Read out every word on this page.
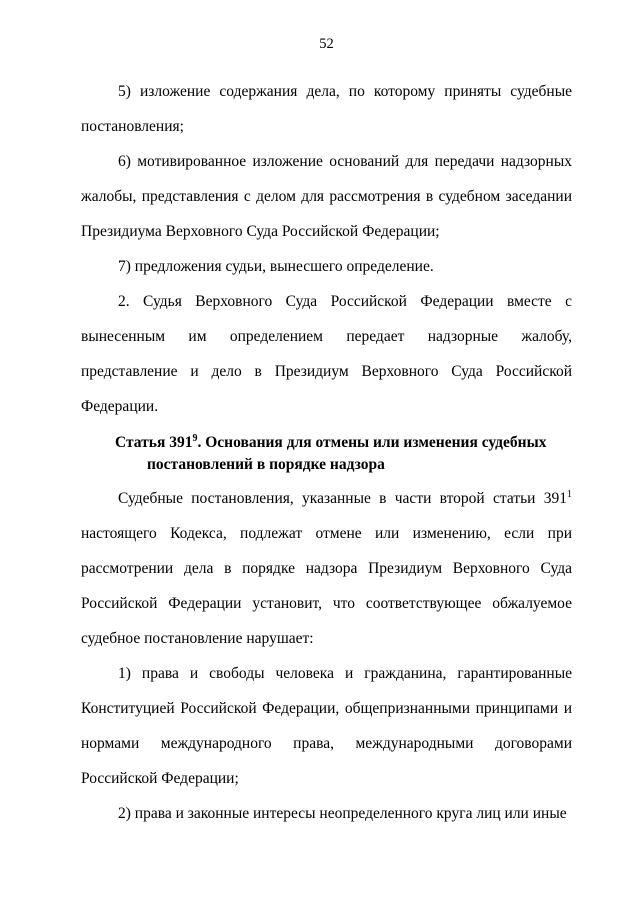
52

5) изложение содержания дела, по которому приняты судебные постановления;

6) мотивированное изложение оснований для передачи надзорных жалобы, представления с делом для рассмотрения в судебном заседании Президиума Верховного Суда Российской Федерации;

7) предложения судьи, вынесшего определение.

2. Судья Верховного Суда Российской Федерации вместе с вынесенным им определением передает надзорные жалобу, представление и дело в Президиум Верховного Суда Российской Федерации.

Статья $391^9$. Основания для отмены или изменения судебных постановлений в порядке надзора

Судебные постановления, указанные в части второй статьи $391^1$ настоящего Кодекса, подлежат отмене или изменению, если при рассмотрении дела в порядке надзора Президиум Верховного Суда Российской Федерации установит, что соответствующее обжалуемое судебное постановление нарушает:

1) права и свободы человека и гражданина, гарантированные Конституцией Российской Федерации, общепризнанными принципами и нормами международного права, международными договорами Российской Федерации;

2) права и законные интересы неопределенного круга лиц или иные
